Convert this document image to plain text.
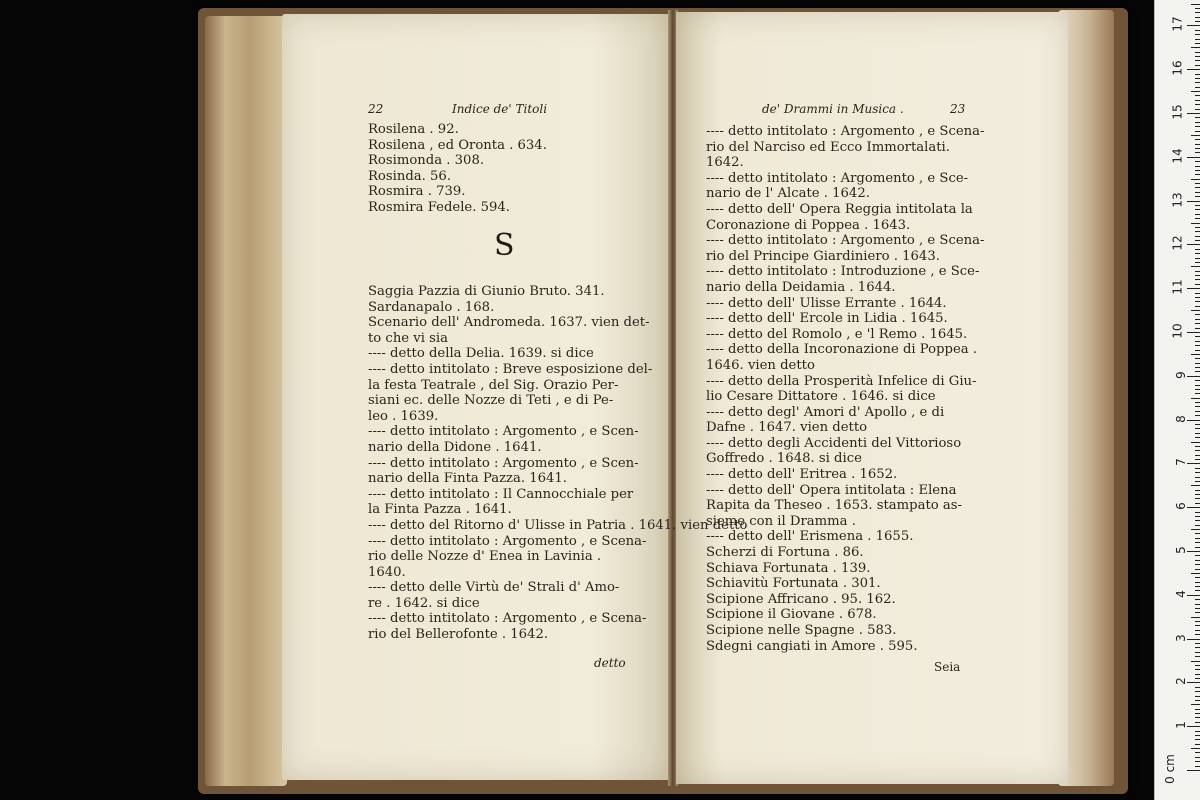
22	Indice de' Titoli
Rosilena . 92.
Rosilena , ed Oronta . 634.
Rosimonda . 308.
Rosinda. 56.
Rosmira . 739.
Rosmira Fedele. 594.
S
Saggia Pazzia di Giunio Bruto. 341.
Sardanapalo . 168.
Scenario dell' Andromeda. 1637. vien det-
to che vi sia
---- detto della Delia. 1639. si dice
---- detto intitolato : Breve esposizione del-
la festa Teatrale , del Sig. Orazio Per-
siani ec. delle Nozze di Teti , e di Pe-
leo . 1639.
---- detto intitolato : Argomento , e Scen-
nario della Didone . 1641.
---- detto intitolato : Argomento , e Scen-
nario della Finta Pazza. 1641.
---- detto intitolato : Il Cannocchiale per
la Finta Pazza . 1641.
---- detto del Ritorno d' Ulisse in Patria . 1641. vien detto
---- detto intitolato : Argomento , e Scena-
rio delle Nozze d' Enea in Lavinia .
1640.
---- detto delle Virtù de' Strali d' Amo-
re . 1642. si dice
---- detto intitolato : Argomento , e Scena-
rio del Bellerofonte . 1642.
detto
de' Drammi in Musica .	23
---- detto intitolato : Argomento , e Scena-
rio del Narciso ed Ecco Immortalati.
1642.
---- detto intitolato : Argomento , e Sce-
nario de l' Alcate . 1642.
---- detto dell' Opera Reggia intitolata la
Coronazione di Poppea . 1643.
---- detto intitolato : Argomento , e Scena-
rio del Principe Giardiniero . 1643.
---- detto intitolato : Introduzione , e Sce-
nario della Deidamia . 1644.
---- detto dell' Ulisse Errante . 1644.
---- detto dell' Ercole in Lidia . 1645.
---- detto del Romolo , e 'l Remo . 1645.
---- detto della Incoronazione di Poppea .
1646. vien detto
---- detto della Prosperità Infelice di Giu-
lio Cesare Dittatore . 1646. si dice
---- detto degl' Amori d' Apollo , e di
Dafne . 1647. vien detto
---- detto degli Accidenti del Vittorioso
Goffredo . 1648. si dice
---- detto dell' Eritrea . 1652.
---- detto dell' Opera intitolata : Elena
Rapita da Theseo . 1653. stampato as-
sieme con il Dramma .
---- detto dell' Erismena . 1655.
Scherzi di Fortuna . 86.
Schiava Fortunata . 139.
Schiavitù Fortunata . 301.
Scipione Affricano . 95. 162.
Scipione il Giovane . 678.
Scipione nelle Spagne . 583.
Sdegni cangiati in Amore . 595.
Seia
0 cm
1
2
3
4
5
6
7
8
9
10
11
12
13
14
15
16
17
